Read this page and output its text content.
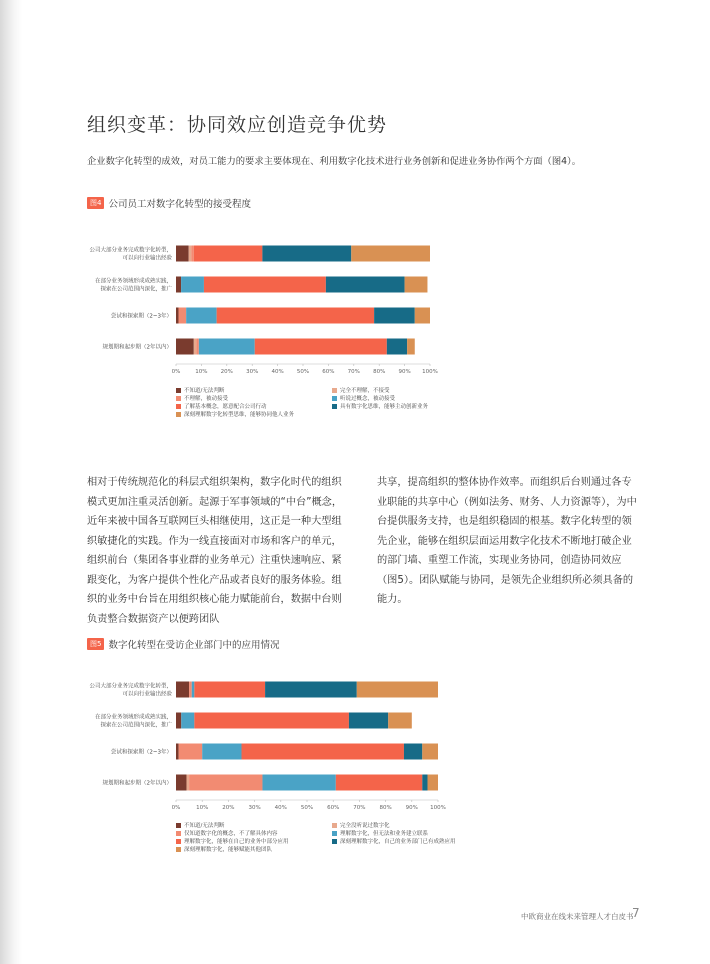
组织变革：协同效应创造竞争优势

企业数字化转型的成效，对员工能力的要求主要体现在、利用数字化技术进行业务创新和促进业务协作两个方面（图4）。

图4 公司员工对数字化转型的接受程度
公司大部分业务完成数字化转型，
可以向行业输出经验
在部分业务领域形成成熟实践，
探索在公司范围内深化，推广
尝试和探索期（2~3年）
规划期和起步期（2年以内）
0%	10% 20% 30% 40% 50% 60% 70% 80% 90% 100%
不知道/无法判断	完全不理解，不接受
不理解，被动接受	听说过概念，被动接受
了解基本概念，愿意配合公司行动	具有数字化思维，能够主动创新业务
深刻理解数字化转型思维，能够协同他人业务

相对于传统规范化的科层式组织架构，数字化时代的组织模式更加注重灵活创新。起源于军事领域的“中台”概念，近年来被中国各互联网巨头相继使用，这正是一种大型组织敏捷化的实践。作为一线直接面对市场和客户的单元，组织前台（集团各事业群的业务单元）注重快速响应、紧跟变化，为客户提供个性化产品或者良好的服务体验。组织的业务中台旨在用组织核心能力赋能前台，数据中台则负责整合数据资产以便跨团队

共享，提高组织的整体协作效率。而组织后台则通过各专业职能的共享中心（例如法务、财务、人力资源等），为中台提供服务支持，也是组织稳固的根基。数字化转型的领先企业，能够在组织层面运用数字化技术不断地打破企业的部门墙、重塑工作流，实现业务协同，创造协同效应（图5）。团队赋能与协同，是领先企业组织所必须具备的能力。

图5 数字化转型在受访企业部门中的应用情况
公司大部分业务完成数字化转型，
可以向行业输出经验
在部分业务领域形成成熟实践，
探索在公司范围内深化，推广
尝试和探索期（2~3年）
规划期和起步期（2年以内）
0%	10%	20%	30%	40%	50%	60%	70%	80%	90% 100%
不知道/无法判断	完全没听说过数字化
仅知道数字化的概念，不了解具体内容	理解数字化，但无法和业务建立联系
理解数字化，能够在自己的业务中部分应用	深刻理解数字化，自己的业务部门已有成熟应用
深刻理解数字化，能够赋能其他团队
中欧商业在线未来管理人才白皮书
7
